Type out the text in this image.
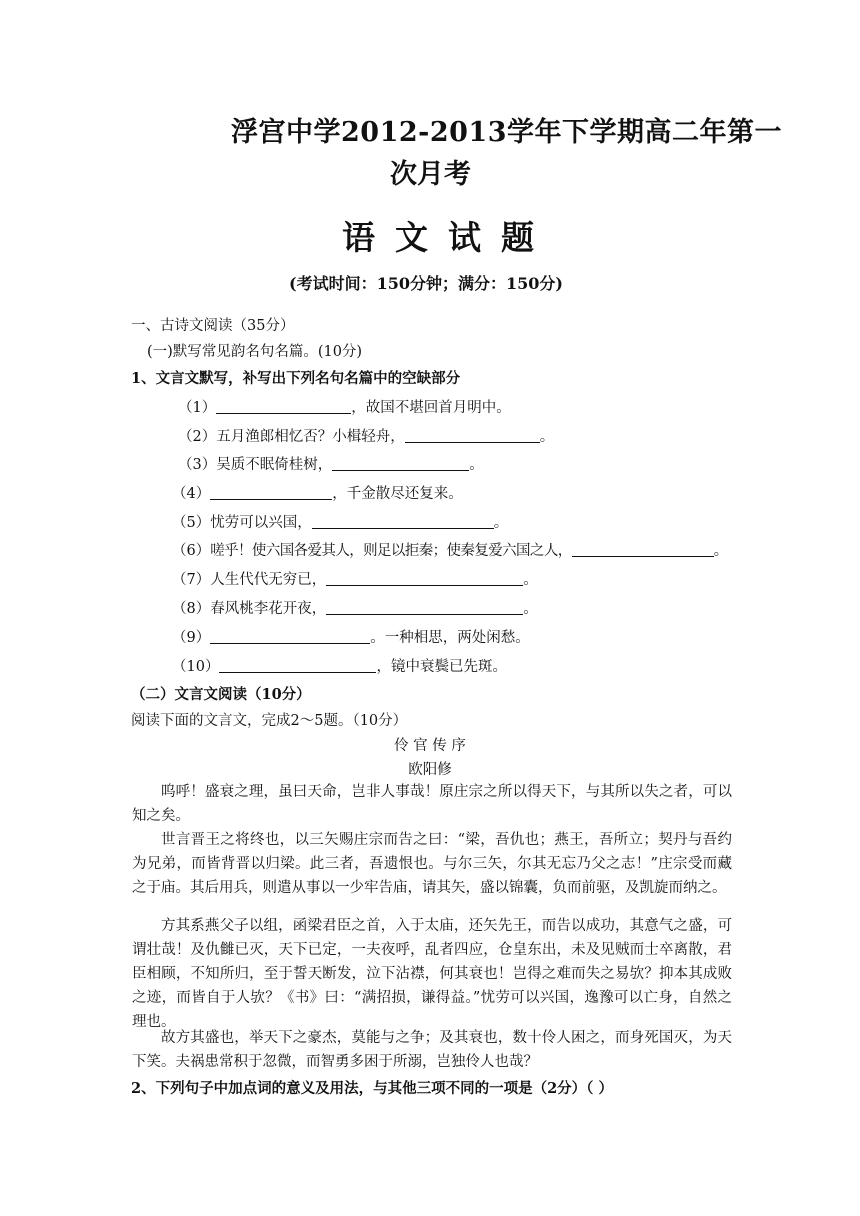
浮宫中学2012-2013学年下学期高二年第一
次月考
语文试题
(考试时间：150分钟；满分：150分)
一、古诗文阅读（35分）
(一)默写常见韵名句名篇。(10分)
1、文言文默写，补写出下列名句名篇中的空缺部分
（1）	，故国不堪回首月明中。
（2）五月渔郎相忆否？小楫轻舟，	。
（3）吴质不眠倚桂树，	。
（4）	，千金散尽还复来。
（5）忧劳可以兴国，	。
（6）嗟乎！使六国各爱其人，则足以拒秦；使秦复爱六国之人，	。
（7）人生代代无穷已，	。
（8）春风桃李花开夜，	。
（9）	。一种相思，两处闲愁。
（10）	，镜中衰鬓已先斑。
（二）文言文阅读（10分）
阅读下面的文言文，完成2～5题。（10分）
伶 官 传 序
欧阳修
呜呼！盛衰之理，虽曰天命，岂非人事哉！原庄宗之所以得天下，与其所以失之者，可以知之矣。
世言晋王之将终也，以三矢赐庄宗而告之曰：“梁，吾仇也；燕王，吾所立；契丹与吾约为兄弟，而皆背晋以归梁。此三者，吾遗恨也。与尔三矢，尔其无忘乃父之志！”庄宗受而藏之于庙。其后用兵，则遣从事以一少牢告庙，请其矢，盛以锦囊，负而前驱，及凯旋而纳之。
方其系燕父子以组，函梁君臣之首，入于太庙，还矢先王，而告以成功，其意气之盛，可谓壮哉！及仇雠已灭，天下已定，一夫夜呼，乱者四应，仓皇东出，未及见贼而士卒离散，君臣相顾，不知所归，至于誓天断发，泣下沾襟，何其衰也！岂得之难而失之易欤？抑本其成败之迹，而皆自于人欤？《书》曰：“满招损，谦得益。”忧劳可以兴国，逸豫可以亡身，自然之理也。
故方其盛也，举天下之豪杰，莫能与之争；及其衰也，数十伶人困之，而身死国灭，为天下笑。夫祸患常积于忽微，而智勇多困于所溺，岂独伶人也哉？
2、下列句子中加点词的意义及用法，与其他三项不同的一项是（2分）（ ）
